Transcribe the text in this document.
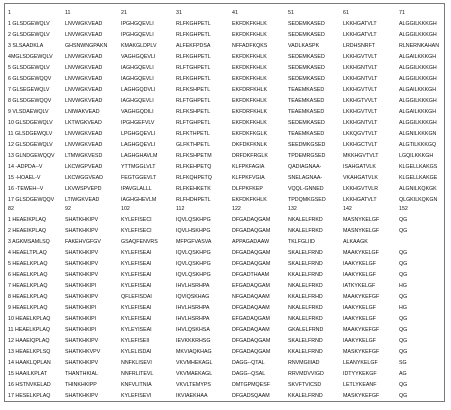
1	11	21	31	41	51	61	71
1 GLSDGEWQLV	LNVWGKVEAD	IPGHGQEVLI	RLFKGHPETL	EKFDKFKHLK	SEDEMKASED	LKKHGATVLT	ALGGILKKKGH
2 GLSDGEWQLV	LNVWGKVEAD	IPGHGQEVLI	RLFKGHPETL	EKFDKFKHLK	SEDEMKASED	LKKHGATVLT	ALGGILKKKGH
3 SLSAADKLA	GHSNWNGPAKN	KMAKGLDPLV	ALFEKFPDSA	NFFADFKQKS	VADLKASPK	LRDHSNRFT	RLNERNKAHAN
4MGLSDGEWQLV LNVWGKVEAD	VAGHGQEVLI	RLFKGHPETL	EKFDKFKHLK	SEDEMKASED	LKKHGVTVLT	ALGAILKKKGH
5 GLSDGEWQLV	LNVWGKVEAD	IAGHGQEVLI	RLFTGHPETL	EKFDKFKHLK	SEDEMKASED	LKKHGNTVLT	ALGGILKKKGH
6 GLSDGEWQQV	LNVWGKVEAD	IAGHGQEVLI	RLFKGHPETL	EKFDKFKHLK	SEDEMKASED	LKKHGNTVLT	ALGGILKKKGH
7 GLSEGEWQLV	LNVWGKVEAD	LAGHGQDVLI	RLFKSHPETL	EKFDRFKHLK	TEAEMKASED	LKKHGVTVLT	ALGAILKKKGH
8 GLSDGEWQQV	LNVWGKVEAD	IAGHGQEVLI	RLFTGHPETL	EKFDKFKHLK	TEAEMKASED	LKKHGTVVLT	ALGGILKKKGH
9 VLSDAEWQLV	LNIWAKVEAD	VAGHGQDILI	RLFKSHPETL	EKFDRFKHLK	TEAEMKASED	LKKHGVTVLT	ALGAILKKKGH
10 GLSDGEWQLV LKTWGKVEAD	IPGHGEFVLV	RLFTGHPETL	EKFDKFKHLK	SEDEMKASED	LKKHGNTVLT	ALGGILKKKGH
11 GLSDGEWQLV LNVWGKVEAD	LPGHGQEVLI	RLFKTHPETL	EKFDKFKGLK	TEAEMKASED	LKKQGVTVLT	ALGNILKKKGN
12 GLSDGEWQLV LNVWGKVEAD	LAGHGQEVLI	GLFKTHPETL	DKFDKFKNLK	SEEDMKGSED	LKKHGCTVLT	ALGTILKKKGQ
13 GLNDGEWQQV LTMWGKVESD	LAGHGHAVLM	RLFKSHPETM	DRFDKFRGLK	TPDEMRGSED	MKKHGVTVLT	LGQILKKKGH
14 -ADPDA--V	LKCWGPVEAD	YTTMGGLVLT	RLFKEHPETQ	KLFPKFAGIA	QADIAGNAA-	ISAHGATVLK	KLGELLKAKGS
15 -HOAEL-V	LKCWGGVEAD	FEGTGGEVLT	RLFKQHPETQ	KLFPKFVGIA	SNELAGNAA-	VKAHGATVLK	KLGELLKAKGE
16 -TEWEH--V	LKVWSPVEPD	IPAVGLALLL	RLFKEHKETK	DLFPKFKEP	VQQL-GNNED	LKKHGVTVLR	ALGNILKQKGK
17 GLSDGEWQQV LTIWGKVEAD	IAGHGHEVLM	RLFHDHPETL	EKFDKFKHLK	TPDQMKGSED	LKKHGATVLT	QLGKILKQKGN
82	92	102	112	122	132	142	152
1 HEAEIKPLAQ	SHATKHKIPV	KYLEFISECI	IQVLQSKHPG	DFGADAQGAM	NKALELFRKD	MASNYKELGF	QG
2 HEAEIKPLAQ	SHATKHKIPV	KYLEFISECI	IQVLHSKHPG	DFGADAQGAM	NKALELFRKD	MASNYKELGF	QG
3 AGKMSAMLSQ	FAKEHVGFGV	GSAQFENVRS	MFPGFVASVA	APPAGADAAW	TKLFGLIID	ALKAAGK
4 HEAELTPLAQ	SHATKHKIPV	KYLEFISEAI	IQVLQSKHPG	DFGADAQGAM	SKALELFRND	MAAKYKELGF	QG
5 HEAELKPLAQ	SHATKHKIPV	KYLEFISEAI	IQVLQSKHPG	DFGADAQGAM	SKALELFRND	IAAKYKELGF	QG
6 HEAELKPLAQ	SHATKHKIPV	KYLEFISEAI	IQVLQSKHPG	DFGADTHAAM	KKALELFRND	IAAKYKELGF	QG
7 HEAELKPLAQ	SHATKHKIPI	KYLEFISEAI	IHVLHSRHPA	EFGADAQGAM	NKALELFRKD	IATKYKELGF	HG
8 HEAELKPLAQ	SHATKHKIPV	QFLEFISDAI	IQVIQSKHAG	NFGADAQAAM	KKALELFRHD	MAAKYKEFGF	QG
9 HEAELKPLAQ	SHATKHKIPI	KYLEFISEAI	IHVLHSRHPA	DFGADAQAAM	NKALELFRKD	IAAKYKELGF	HG
10 HEAELKPLAQ	SHATKHKIPI	KYLEFISEAI	IHVLHSRHPA	EFGADAQGAM	NKALELFRKD	IAAKYKELGF	QG
11 HEAELKPLAQ	SHATKHKIPI	KYLEYISEAI	IHVLQSKHSA	DFGADAQAAM	GKALELFRND	MAAKYKEFGF	QG
12 HAAEIQPLAQ	SHATKHKIPV	KYLEFISEII	IEVKKKRHSG	DFGADAQGAM	SKALELFRND	IAAKYKELGF	QG
13 HEAELKPLSQ	SHATKHKVPV	KYLELISDAI	MKVIAQKHAG	DFGADAQGAM	KKALELFRND	MASKYKEFGF	QG
14 HAAKLQPLAN	SHATKHKIPV	NNFKLISEVI	VKVMHEKAGL	DAGG--QTAL	RNVMGIIIAD	LEANYKELGF	SG
15 HAAILKPLAT	THANTHKIAL	NNFRLITEVL	VKVMAEKAGL	DAGG--QSAL	RRVMDVVIGD	IDTYYKEKGF	AG
16 HSTNVKELAD	THINKHKIPP	KNFVLITNIA	VKVLTEMYPS	DMTGPMQESF	SKVFTVICSD	LETLYKEANF	QG
17 HESELKPLAQ	SHATKHKIPV	KYLEFISEVI	IKVIAEKHAA	DFGADSQAAM	KKALELFRND	MASKYKEFGF	QG
